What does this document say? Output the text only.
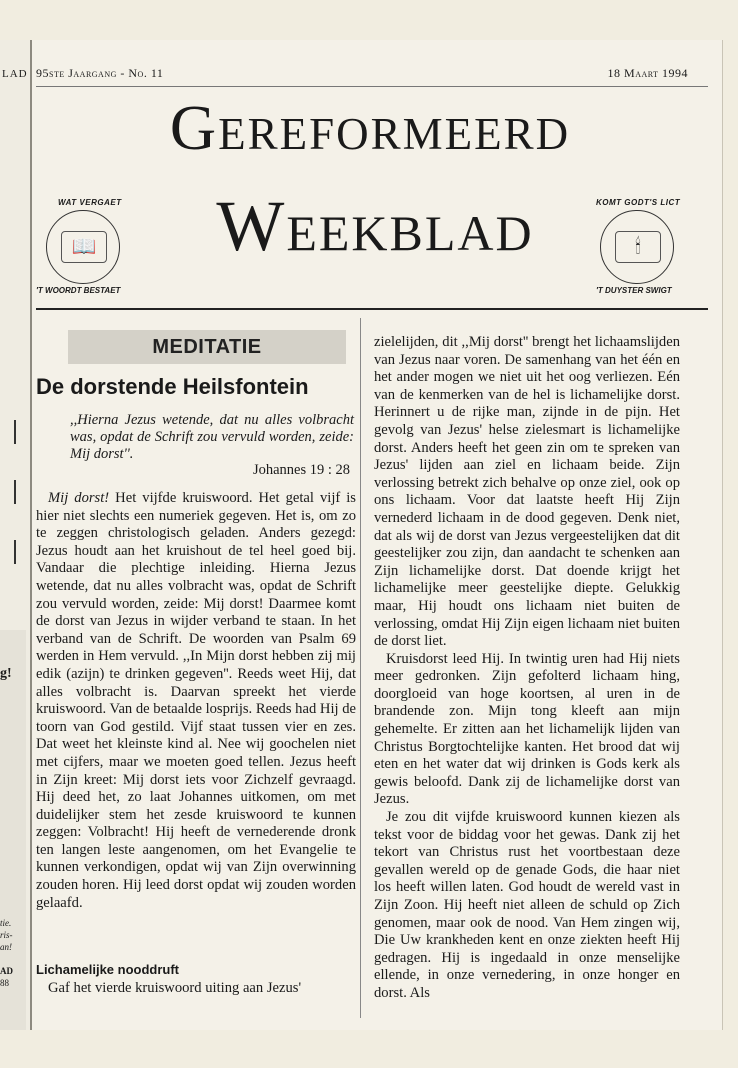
LAD
g!
tie.
ris-
an!
AD
88
95ste Jaargang - No. 11	18 Maart 1994
Gereformeerd
Weekblad
WAT VERGAET
📖
'T WOORDT BESTAET
KOMT GODT'S LICT
🕯
'T DUYSTER SWIGT
MEDITATIE
De dorstende Heilsfontein
,,Hierna Jezus wetende, dat nu alles volbracht was, opdat de Schrift zou vervuld worden, zeide: Mij dorst''.
Johannes 19 : 28

Mij dorst! Het vijfde kruiswoord. Het getal vijf is hier niet slechts een numeriek gegeven. Het is, om zo te zeggen christologisch geladen. Anders gezegd: Jezus houdt aan het kruishout de tel heel goed bij. Vandaar die plechtige inleiding. Hierna Jezus wetende, dat nu alles volbracht was, opdat de Schrift zou vervuld worden, zeide: Mij dorst! Daarmee komt de dorst van Jezus in wijder verband te staan. In het verband van de Schrift. De woorden van Psalm 69 werden in Hem vervuld. ,,In Mijn dorst hebben zij mij edik (azijn) te drinken gegeven''. Reeds weet Hij, dat alles volbracht is. Daarvan spreekt het vierde kruiswoord. Van de betaalde losprijs. Reeds had Hij de toorn van God gestild. Vijf staat tussen vier en zes. Dat weet het kleinste kind al. Nee wij goochelen niet met cijfers, maar we moeten goed tellen. Jezus heeft in Zijn kreet: Mij dorst iets voor Zichzelf gevraagd. Hij deed het, zo laat Johannes uitkomen, om met duidelijker stem het zesde kruiswoord te kunnen zeggen: Volbracht! Hij heeft de vernederende dronk ten langen leste aangenomen, om het Evangelie te kunnen verkondigen, opdat wij van Zijn overwinning zouden horen. Hij leed dorst opdat wij zouden worden gelaafd.

Lichamelijke nooddruft
Gaf het vierde kruiswoord uiting aan Jezus'

zielelijden, dit ,,Mij dorst'' brengt het lichaamslijden van Jezus naar voren. De samenhang van het één en het ander mogen we niet uit het oog verliezen. Eén van de kenmerken van de hel is lichamelijke dorst. Herinnert u de rijke man, zijnde in de pijn. Het gevolg van Jezus' helse zielesmart is lichamelijke dorst. Anders heeft het geen zin om te spreken van Jezus' lijden aan ziel en lichaam beide. Zijn verlossing betrekt zich behalve op onze ziel, ook op ons lichaam. Voor dat laatste heeft Hij Zijn vernederd lichaam in de dood gegeven. Denk niet, dat als wij de dorst van Jezus vergeestelijken dat dit geestelijker zou zijn, dan aandacht te schenken aan Zijn lichamelijke dorst. Dat doende krijgt het lichamelijke meer geestelijke diepte. Gelukkig maar, Hij houdt ons lichaam niet buiten de verlossing, omdat Hij Zijn eigen lichaam niet buiten de dorst liet.

Kruisdorst leed Hij. In twintig uren had Hij niets meer gedronken. Zijn gefolterd lichaam hing, doorgloeid van hoge koortsen, al uren in de brandende zon. Mijn tong kleeft aan mijn gehemelte. Er zitten aan het lichamelijk lijden van Christus Borgtochtelijke kanten. Het brood dat wij eten en het water dat wij drinken is Gods kerk als gewis beloofd. Dank zij de lichamelijke dorst van Jezus.

Je zou dit vijfde kruiswoord kunnen kiezen als tekst voor de biddag voor het gewas. Dank zij het tekort van Christus rust het voortbestaan deze gevallen wereld op de genade Gods, die haar niet los heeft willen laten. God houdt de wereld vast in Zijn Zoon. Hij heeft niet alleen de schuld op Zich genomen, maar ook de nood. Van Hem zingen wij, Die Uw krankheden kent en onze ziekten heeft Hij gedragen. Hij is ingedaald in onze menselijke ellende, in onze vernedering, in onze honger en dorst. Als
